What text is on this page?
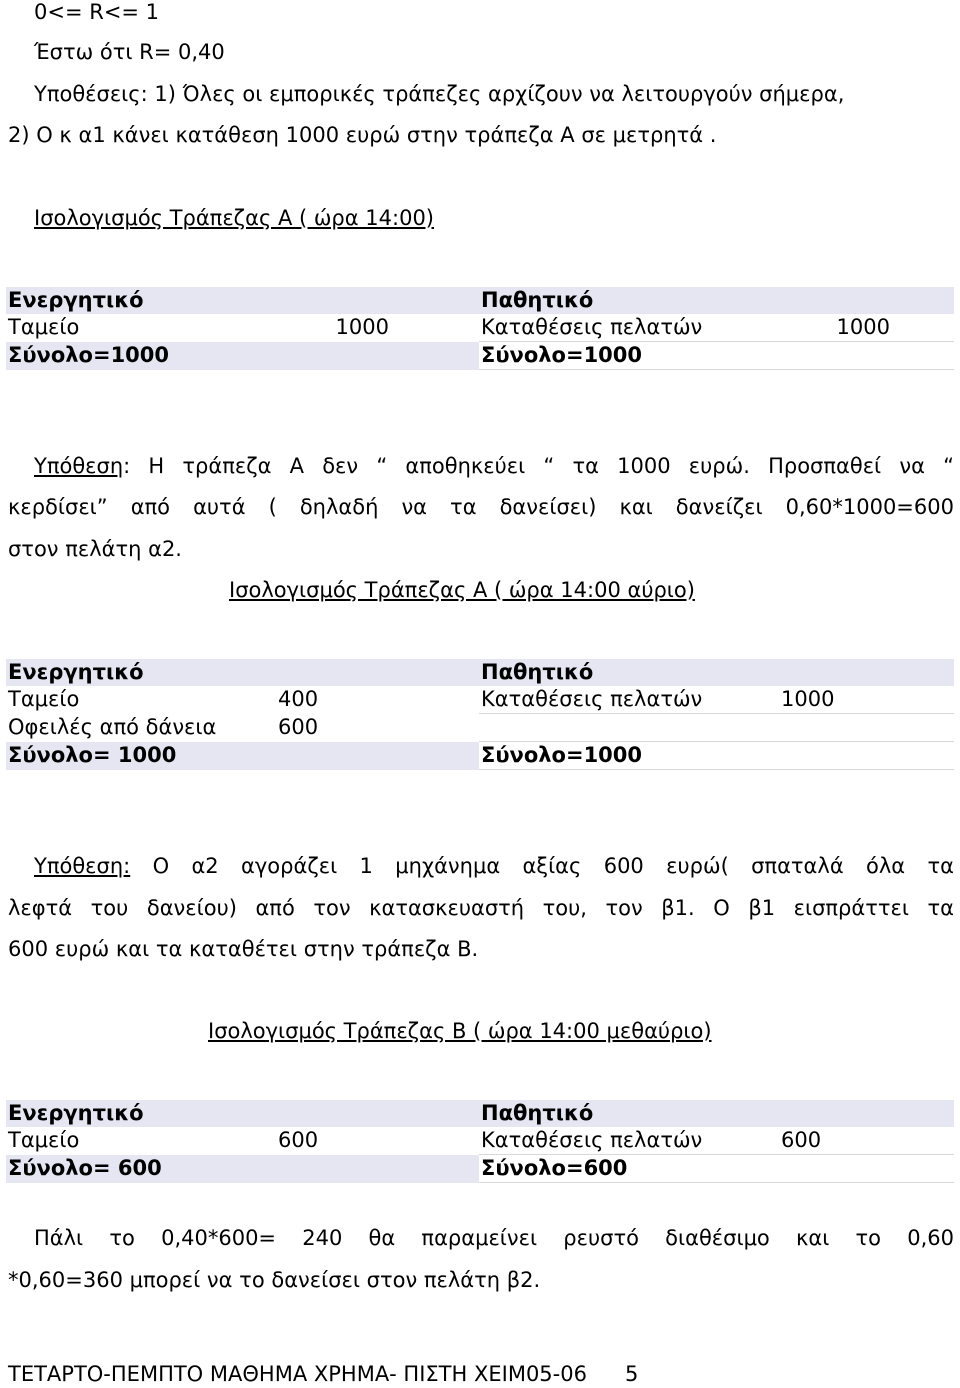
0<= R<= 1
Έστω ότι R= 0,40
Υποθέσεις: 1) Όλες οι εμπορικές τράπεζες αρχίζουν να λειτουργούν σήμερα,
2) Ο κ α1 κάνει κατάθεση 1000 ευρώ στην τράπεζα Α σε μετρητά .
Ισολογισμός Τράπεζας Α ( ώρα 14:00)
Ενεργητικό		Παθητικό	
Ταμείο	1000	Καταθέσεις πελατών	1000
Σύνολο=1000		Σύνολο=1000	
Υπόθεση: Η τράπεζα Α δεν “ αποθηκεύει “ τα 1000 ευρώ. Προσπαθεί να “
κερδίσει” από αυτά ( δηλαδή να τα δανείσει) και δανείζει 0,60*1000=600
στον πελάτη α2.
Ισολογισμός Τράπεζας Α ( ώρα 14:00 αύριο)
Ενεργητικό		Παθητικό	
Ταμείο	400	Καταθέσεις πελατών	1000
Οφειλές από δάνεια	600		
Σύνολο= 1000		Σύνολο=1000	
Υπόθεση: Ο α2 αγοράζει 1 μηχάνημα αξίας 600 ευρώ( σπαταλά όλα τα
λεφτά του δανείου) από τον κατασκευαστή του, τον β1. Ο β1 εισπράττει τα
600 ευρώ και τα καταθέτει στην τράπεζα Β.
Ισολογισμός Τράπεζας Β ( ώρα 14:00 μεθαύριο)
Ενεργητικό		Παθητικό	
Ταμείο	600	Καταθέσεις πελατών	600
Σύνολο= 600		Σύνολο=600	
Πάλι το 0,40*600= 240 θα παραμείνει ρευστό διαθέσιμο και το 0,60
*0,60=360 μπορεί να το δανείσει στον πελάτη β2.
ΤΕΤΑΡΤΟ-ΠΕΜΠΤΟ ΜΑΘΗΜΑ ΧΡΗΜΑ- ΠΙΣΤΗ ΧΕΙΜ05-06 5
